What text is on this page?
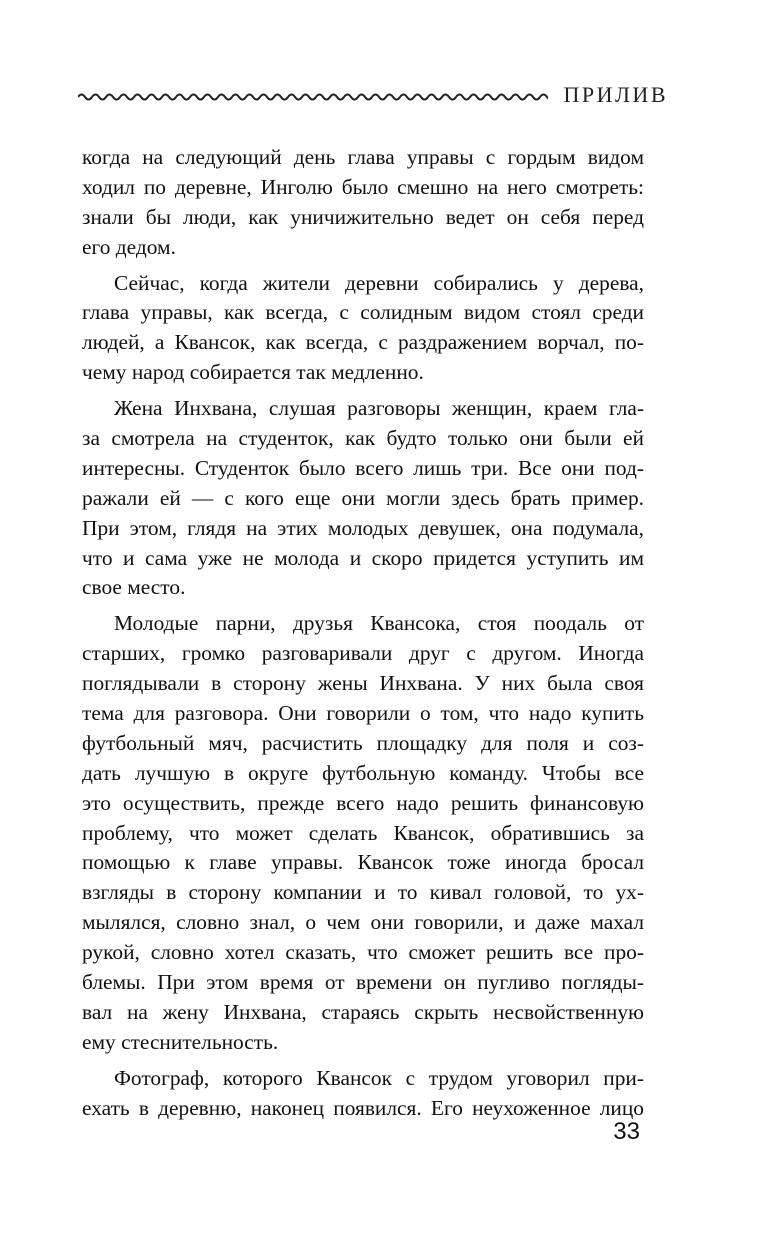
ПРИЛИВ
когда на следующий день глава управы с гордым видом
ходил по деревне, Инголю было смешно на него смотреть:
знали бы люди, как уничижительно ведет он себя перед
его дедом.
Сейчас, когда жители деревни собирались у дерева,
глава управы, как всегда, с солидным видом стоял среди
людей, а Квансок, как всегда, с раздражением ворчал, по-
чему народ собирается так медленно.
Жена Инхвана, слушая разговоры женщин, краем гла-
за смотрела на студенток, как будто только они были ей
интересны. Студенток было всего лишь три. Все они под-
ражали ей — с кого еще они могли здесь брать пример.
При этом, глядя на этих молодых девушек, она подумала,
что и сама уже не молода и скоро придется уступить им
свое место.
Молодые парни, друзья Квансока, стоя поодаль от
старших, громко разговаривали друг с другом. Иногда
поглядывали в сторону жены Инхвана. У них была своя
тема для разговора. Они говорили о том, что надо купить
футбольный мяч, расчистить площадку для поля и соз-
дать лучшую в округе футбольную команду. Чтобы все
это осуществить, прежде всего надо решить финансовую
проблему, что может сделать Квансок, обратившись за
помощью к главе управы. Квансок тоже иногда бросал
взгляды в сторону компании и то кивал головой, то ух-
мылялся, словно знал, о чем они говорили, и даже махал
рукой, словно хотел сказать, что сможет решить все про-
блемы. При этом время от времени он пугливо погляды-
вал на жену Инхвана, стараясь скрыть несвойственную
ему стеснительность.
Фотограф, которого Квансок с трудом уговорил при-
ехать в деревню, наконец появился. Его неухоженное лицо
33
